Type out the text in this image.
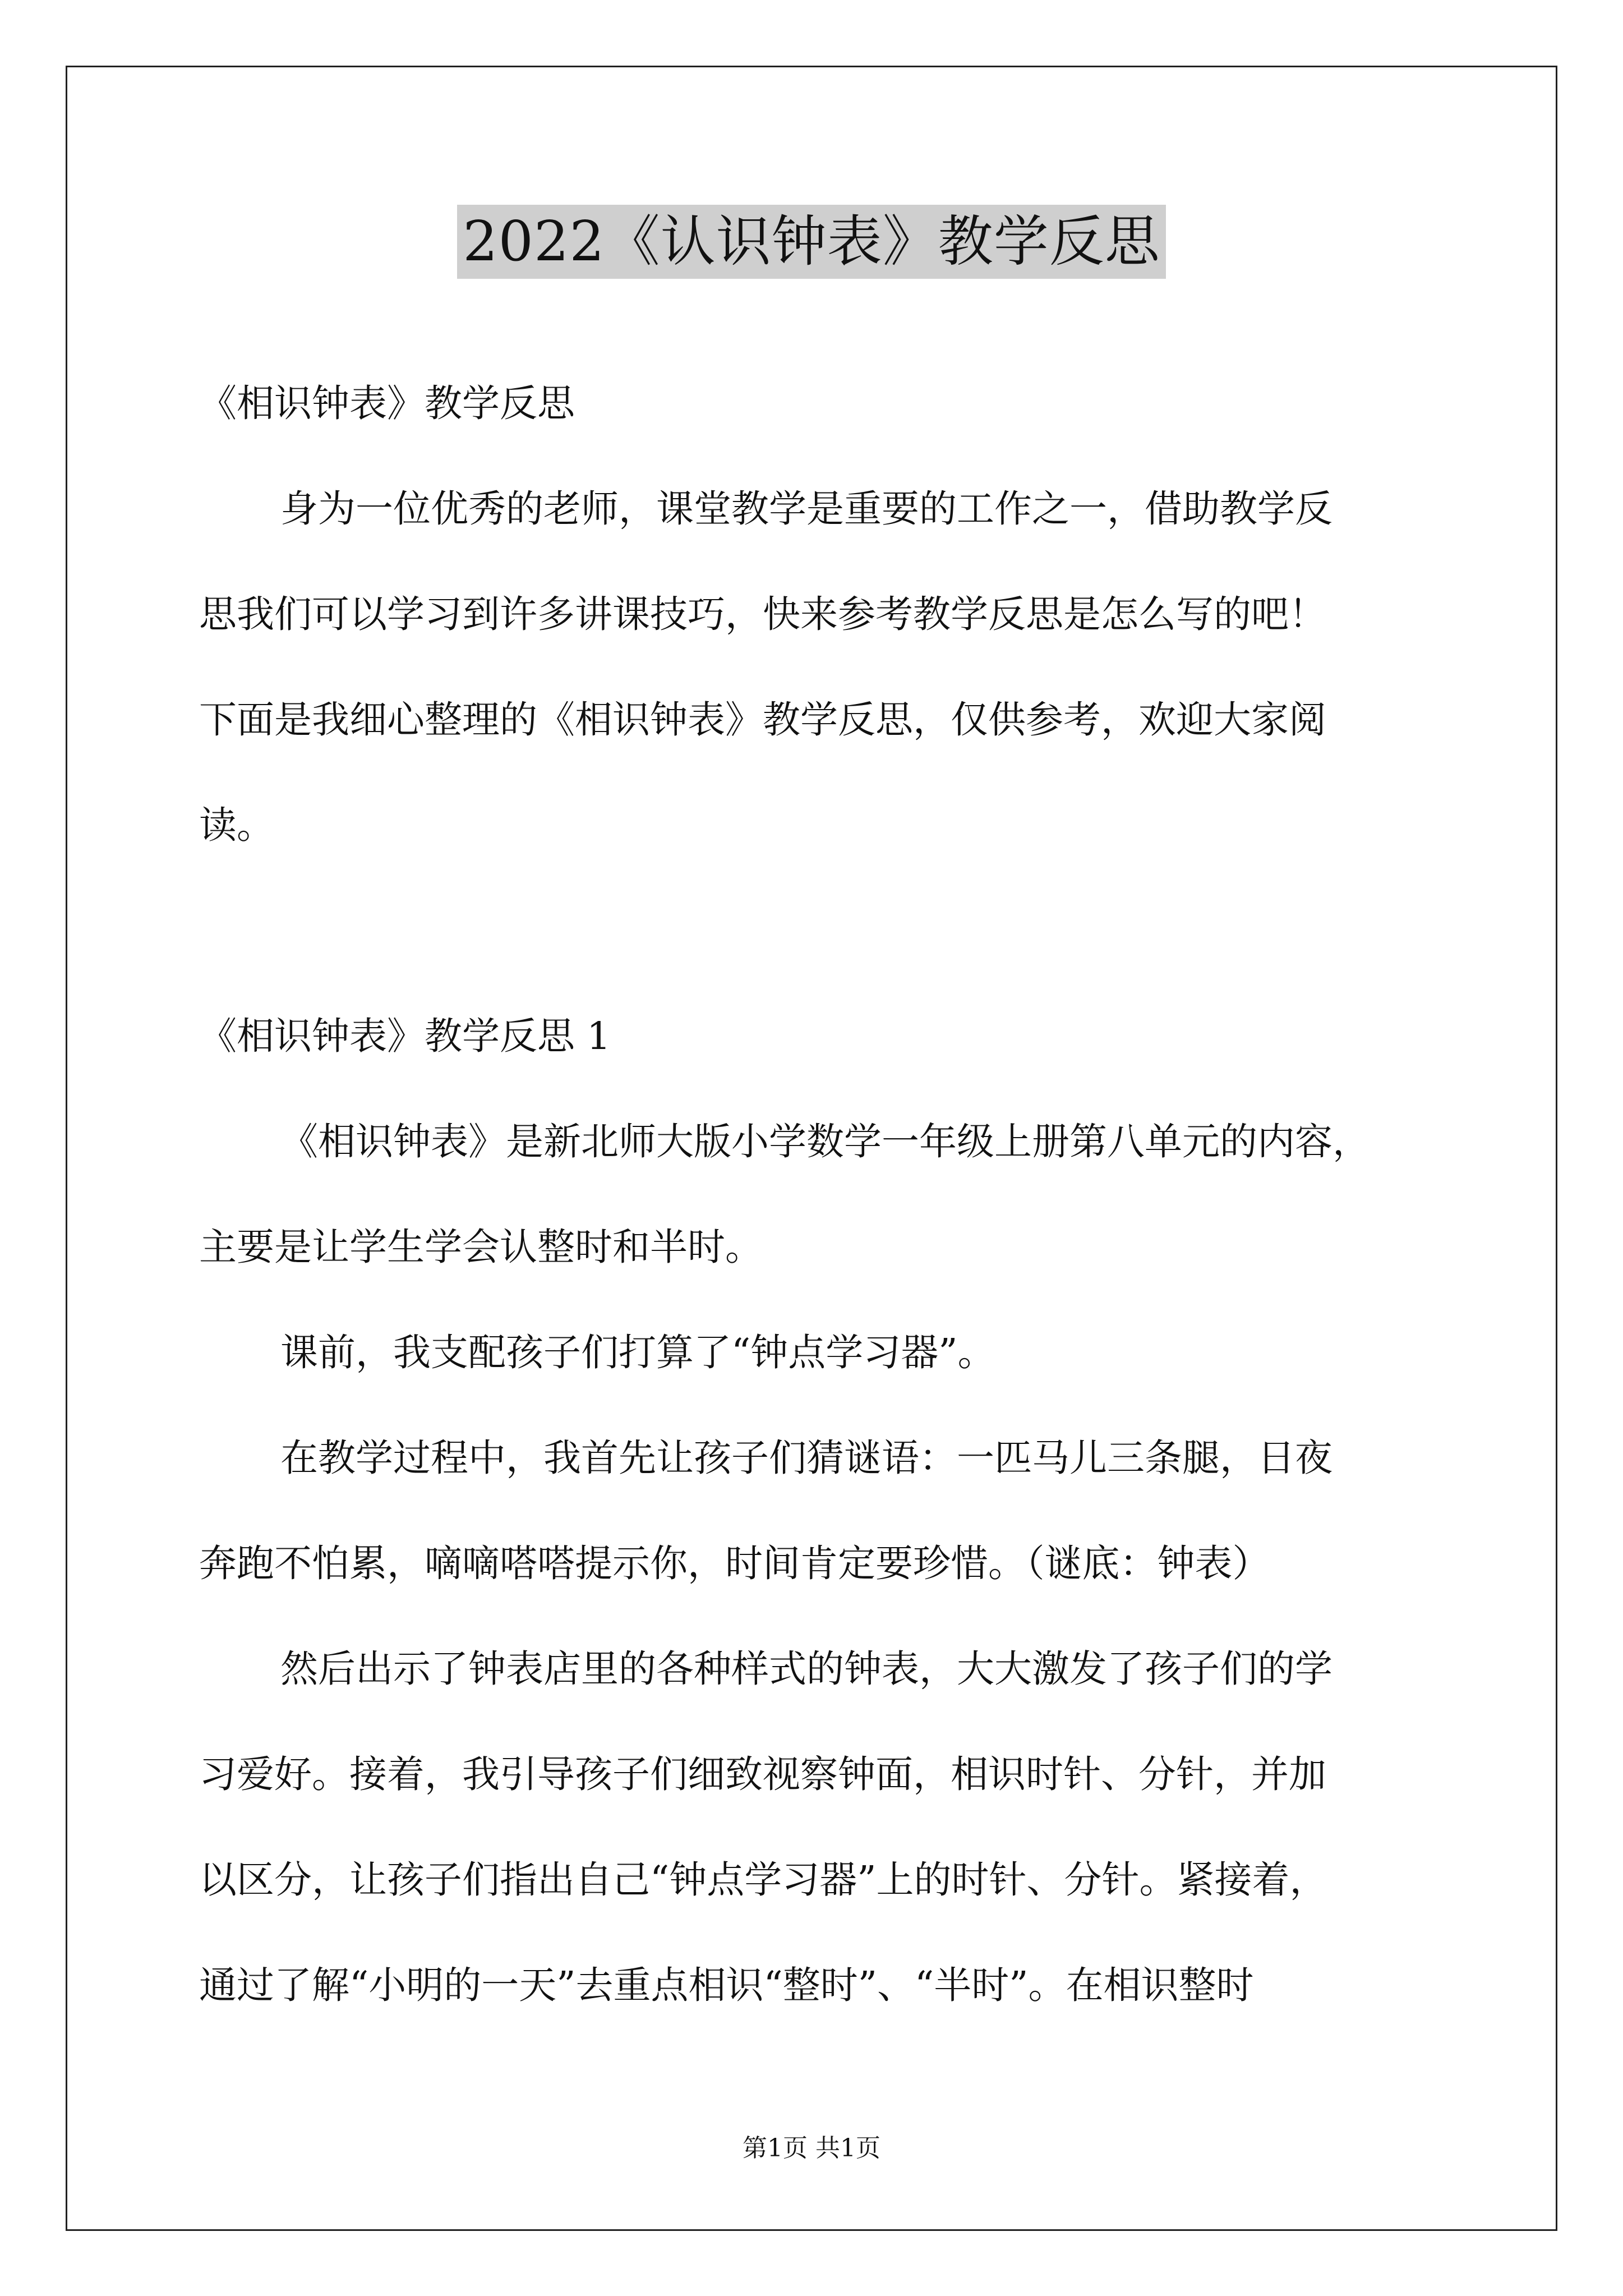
2022《认识钟表》教学反思

《相识钟表》教学反思

身为一位优秀的老师，课堂教学是重要的工作之一，借助教学反

思我们可以学习到许多讲课技巧，快来参考教学反思是怎么写的吧！

下面是我细心整理的《相识钟表》教学反思，仅供参考，欢迎大家阅

读。

《相识钟表》教学反思 1

《相识钟表》是新北师大版小学数学一年级上册第八单元的内容，

主要是让学生学会认整时和半时。

课前，我支配孩子们打算了“钟点学习器”。

在教学过程中，我首先让孩子们猜谜语：一匹马儿三条腿，日夜

奔跑不怕累，嘀嘀嗒嗒提示你，时间肯定要珍惜。（谜底：钟表）

然后出示了钟表店里的各种样式的钟表，大大激发了孩子们的学

习爱好。接着，我引导孩子们细致视察钟面，相识时针、分针，并加

以区分，让孩子们指出自己“钟点学习器”上的时针、分针。紧接着，

通过了解“小明的一天”去重点相识“整时”、“半时”。在相识整时

第1页 共1页
